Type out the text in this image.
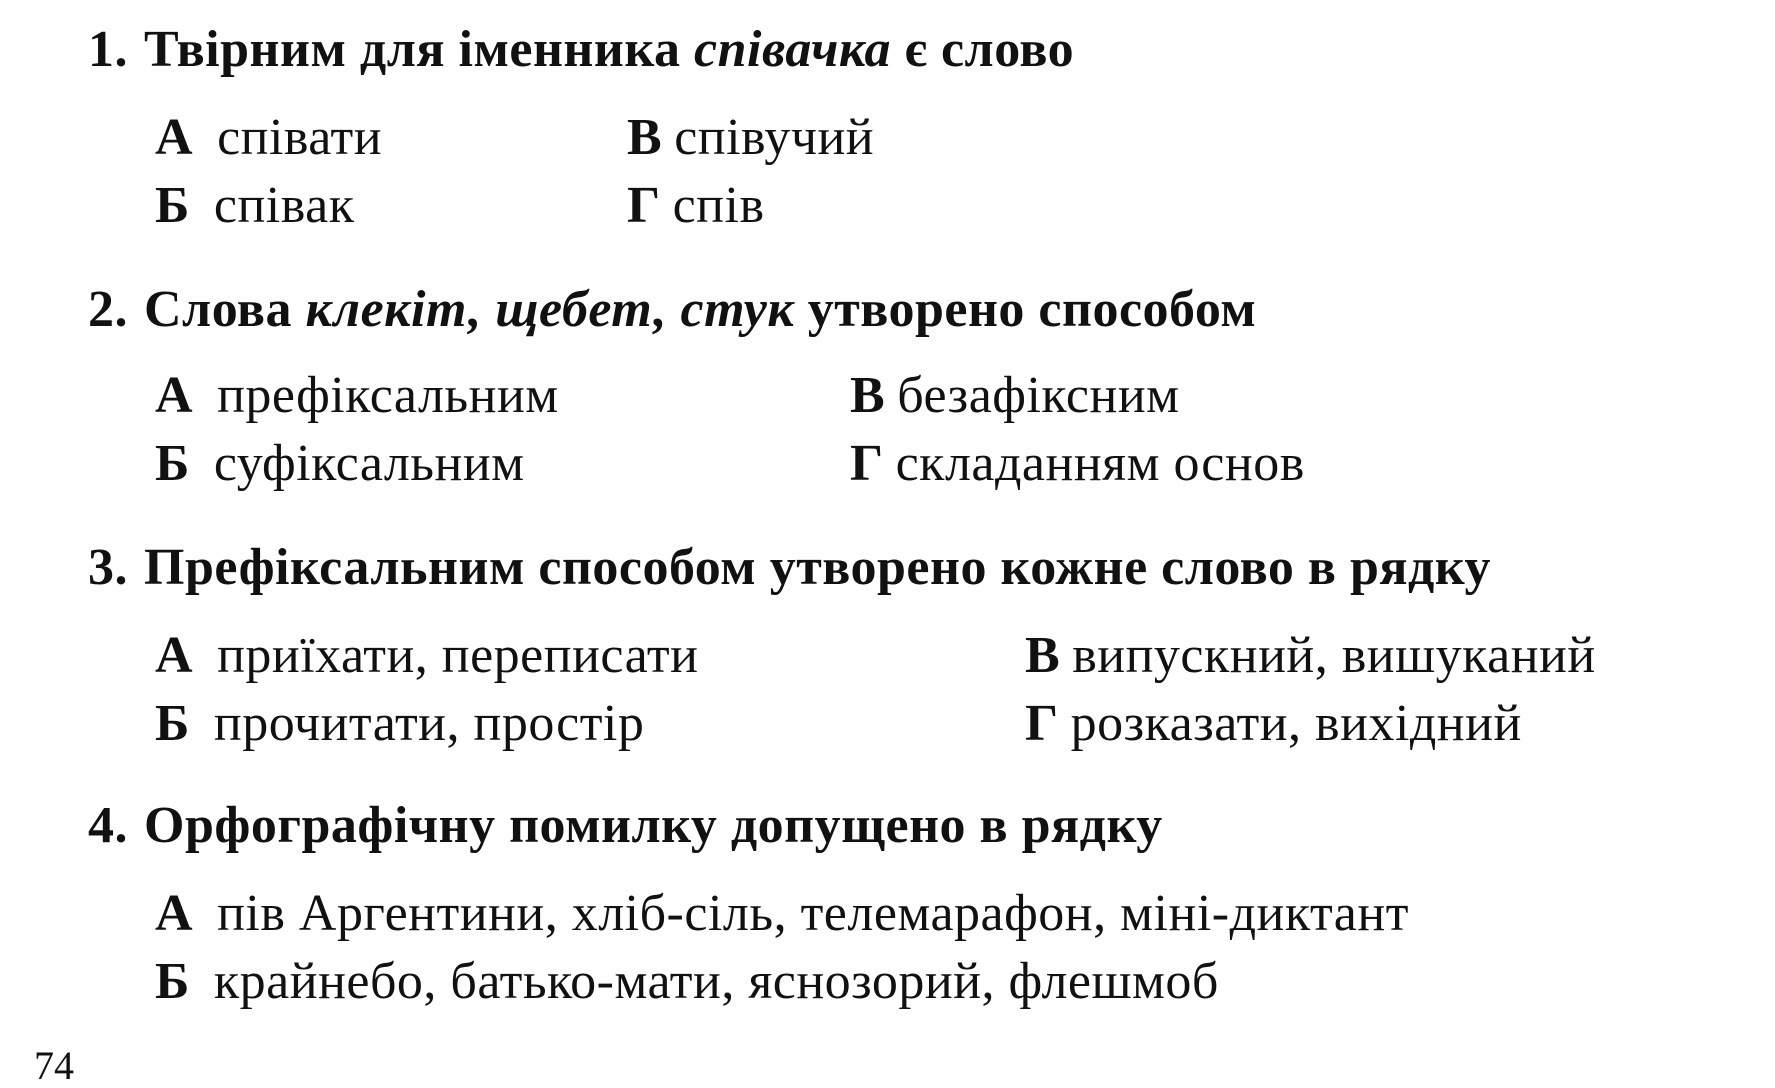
1. Твірним для іменника співачка є слово
А співати
Б співак
В співучий
Г спів
2. Слова клекіт, щебет, стук утворено способом
А префіксальним
Б суфіксальним
В безафіксним
Г складанням основ
3. Префіксальним способом утворено кожне слово в рядку
А приїхати, переписати
Б прочитати, простір
В випускний, вишуканий
Г розказати, вихідний
4. Орфографічну помилку допущено в рядку
А пів Аргентини, хліб-сіль, телемарафон, міні-диктант
Б крайнебо, батько-мати, яснозорий, флешмоб
74
